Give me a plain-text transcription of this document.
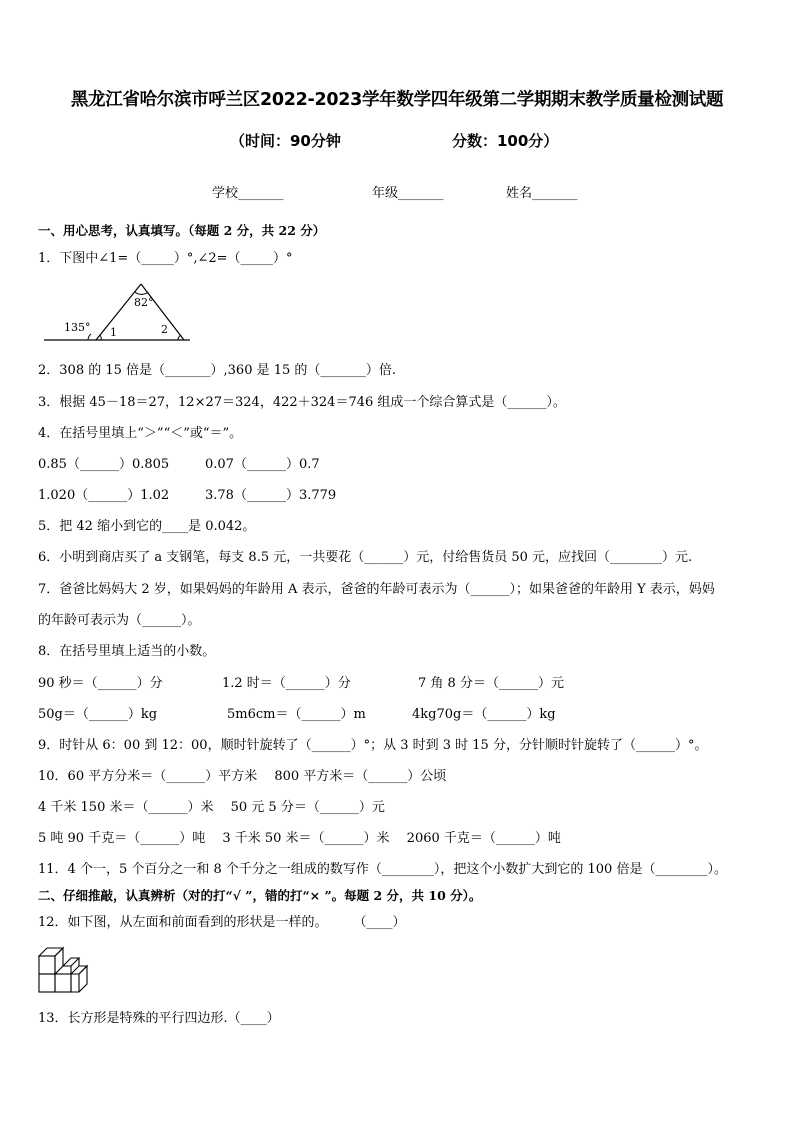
黑龙江省哈尔滨市呼兰区2022-2023学年数学四年级第二学期期末教学质量检测试题
（时间：90分钟	分数：100分）
学校_______	年级_______	姓名_______
一、用心思考，认真填写。（每题 2 分，共 22 分）
1．下图中∠1=（_____）°,∠2=（_____）°
82°
135° 1	2
2．308 的 15 倍是（_______）,360 是 15 的（_______）倍.
3．根据 45－18＝27，12×27＝324，422＋324＝746 组成一个综合算式是（______）。
4．在括号里填上“＞”“＜”或“＝”。
0.85（______）0.805	0.07（______）0.7
1.020（______）1.02	3.78（______）3.779
5．把 42 缩小到它的____是 0.042。
6．小明到商店买了 a 支钢笔，每支 8.5 元，一共要花（______）元，付给售货员 50 元，应找回（________）元.
7．爸爸比妈妈大 2 岁，如果妈妈的年龄用 A 表示，爸爸的年龄可表示为（______）；如果爸爸的年龄用 Y 表示，妈妈
的年龄可表示为（______）。
8．在括号里填上适当的小数。
90 秒＝（______）分	1.2 时＝（______）分	7 角 8 分＝（______）元
50g＝（______）kg	5m6cm＝（______）m	4kg70g＝（______）kg
9．时针从 6：00 到 12：00，顺时针旋转了（______）°；从 3 时到 3 时 15 分，分针顺时针旋转了（______）°。
10．60 平方分米＝（______）平方米　 800 平方米＝（______）公顷
4 千米 150 米＝（______）米　 50 元 5 分＝（______）元
5 吨 90 千克＝（______）吨　 3 千米 50 米＝（______）米　 2060 千克＝（______）吨
11．4 个一，5 个百分之一和 8 个千分之一组成的数写作（________），把这个小数扩大到它的 100 倍是（________）。
二、仔细推敲，认真辨析（对的打“√ ”，错的打“× ”。每题 2 分，共 10 分）。
12．如下图，从左面和前面看到的形状是一样的。　　　（____）
13．长方形是特殊的平行四边形.（____）
